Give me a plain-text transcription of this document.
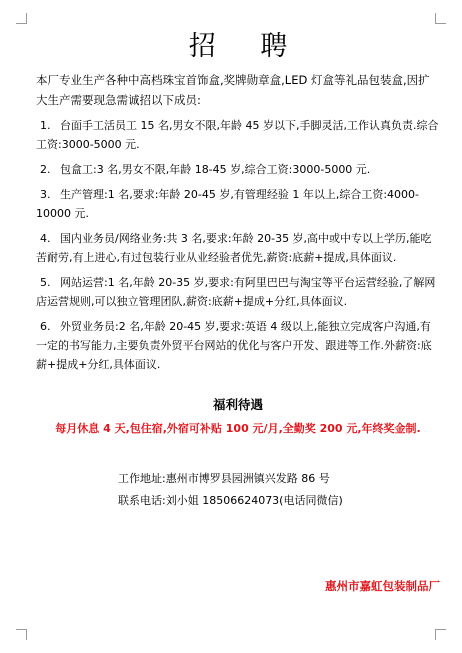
招 聘

本厂专业生产各种中高档珠宝首饰盒,奖牌勋章盒,LED 灯盒等礼品包装盒,因扩大生产需要现急需诚招以下成员:

1. 台面手工活员工 15 名,男女不限,年龄 45 岁以下,手脚灵活,工作认真负责.综合工资:3000-5000 元.

2. 包盒工:3 名,男女不限,年龄 18-45 岁,综合工资:3000-5000 元.

3. 生产管理:1 名,要求:年龄 20-45 岁,有管理经验 1 年以上,综合工资:4000-10000 元.

4. 国内业务员/网络业务:共 3 名,要求:年龄 20-35 岁,高中或中专以上学历,能吃苦耐劳,有上进心,有过包装行业从业经验者优先,薪资:底薪+提成,具体面议.

5. 网站运营:1 名,年龄 20-35 岁,要求:有阿里巴巴与淘宝等平台运营经验,了解网店运营规则,可以独立管理团队,薪资:底薪+提成+分红,具体面议.

6. 外贸业务员:2 名,年龄 20-45 岁,要求:英语 4 级以上,能独立完成客户沟通,有一定的书写能力,主要负责外贸平台网站的优化与客户开发、跟进等工作.外薪资:底薪+提成+分红,具体面议.

福利待遇

每月休息 4 天,包住宿,外宿可补贴 100 元/月,全勤奖 200 元,年终奖金制.

工作地址:惠州市博罗县园洲镇兴发路 86 号
联系电话:刘小姐 18506624073(电话同微信)
惠州市嘉虹包装制品厂
